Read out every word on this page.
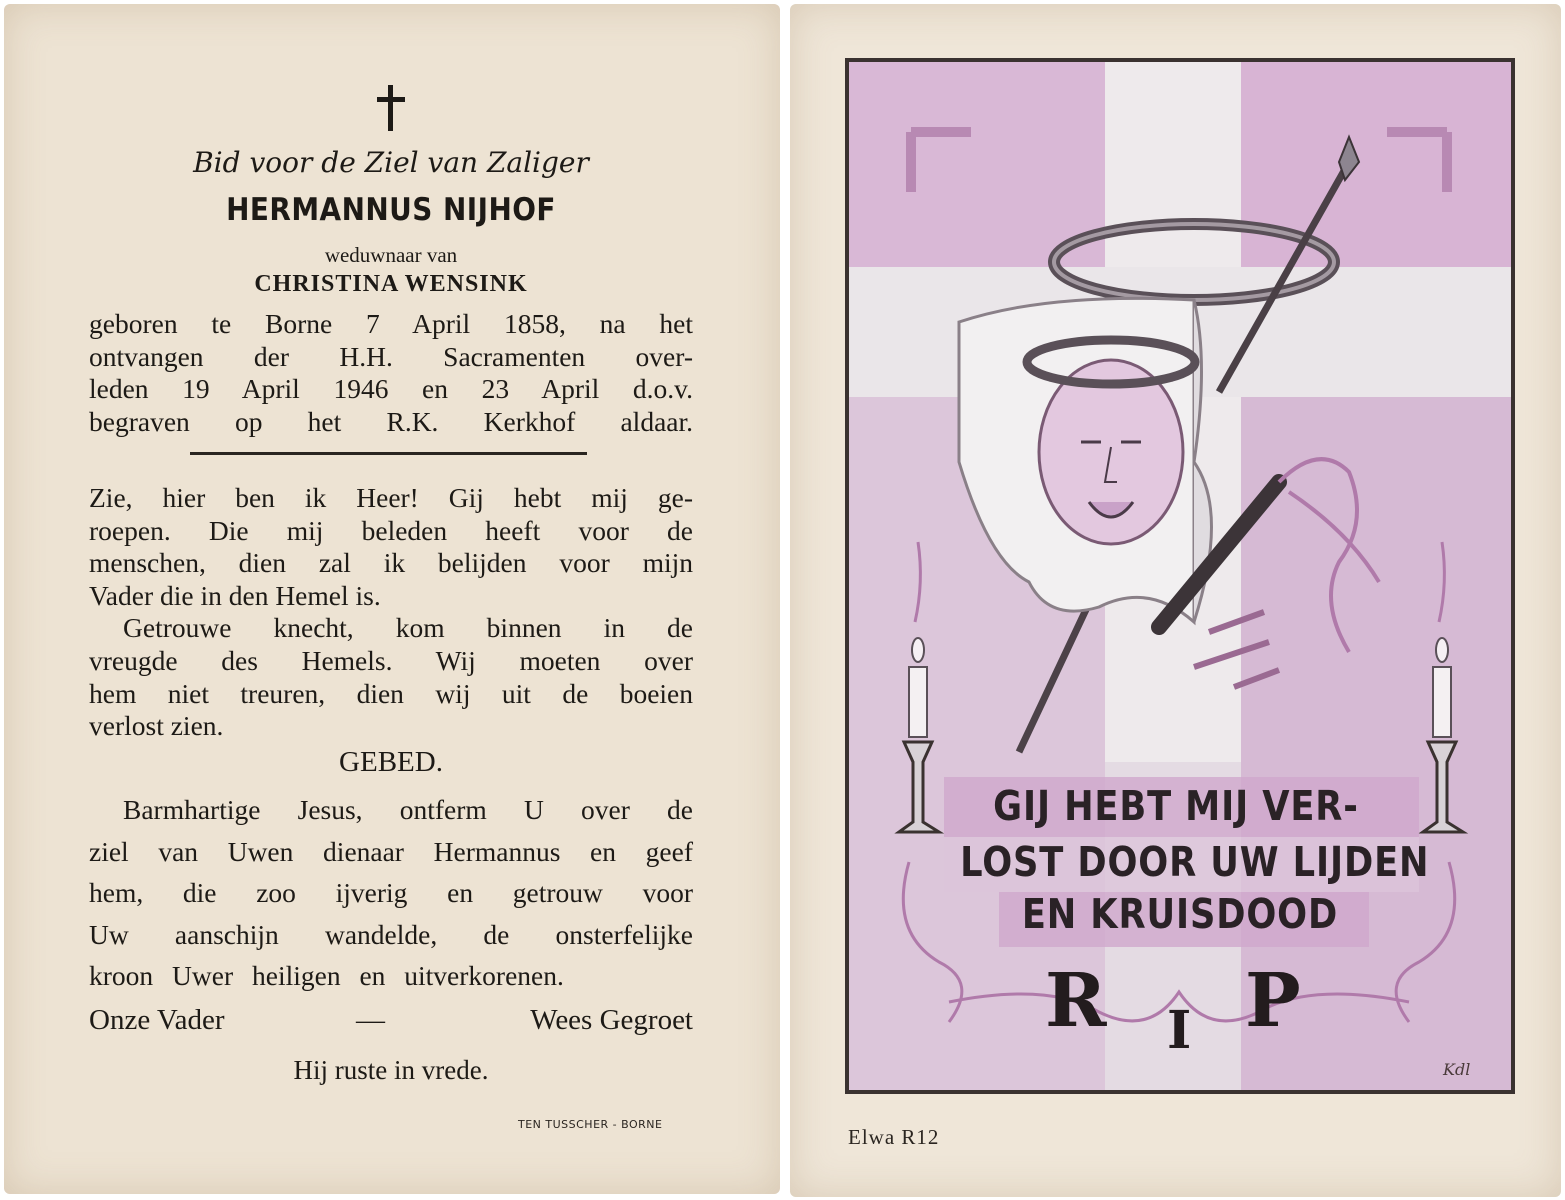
Bid voor de Ziel van Zaliger
HERMANNUS NIJHOF
weduwnaar van
CHRISTINA WENSINK
geboren te Borne 7 April 1858, na het
ontvangen der H.H. Sacramenten over-
leden 19 April 1946 en 23 April d.o.v.
begraven op het R.K. Kerkhof aldaar.
Zie, hier ben ik Heer! Gij hebt mij ge-
roepen. Die mij beleden heeft voor de
menschen, dien zal ik belijden voor mijn
Vader die in den Hemel is.
Getrouwe knecht, kom binnen in de
vreugde des Hemels. Wij moeten over
hem niet treuren, dien wij uit de boeien
verlost zien.
GEBED.
Barmhartige Jesus, ontferm U over de
ziel van Uwen dienaar Hermannus en geef
hem, die zoo ijverig en getrouw voor
Uw aanschijn wandelde, de onsterfelijke
kroon Uwer heiligen en uitverkorenen.
Onze Vader	—	Wees Gegroet
Hij ruste in vrede.
TEN TUSSCHER - BORNE
GIJ HEBT MIJ VER-
LOST DOOR UW LIJDEN
EN KRUISDOOD
R I P
Kdl
Elwa R12
